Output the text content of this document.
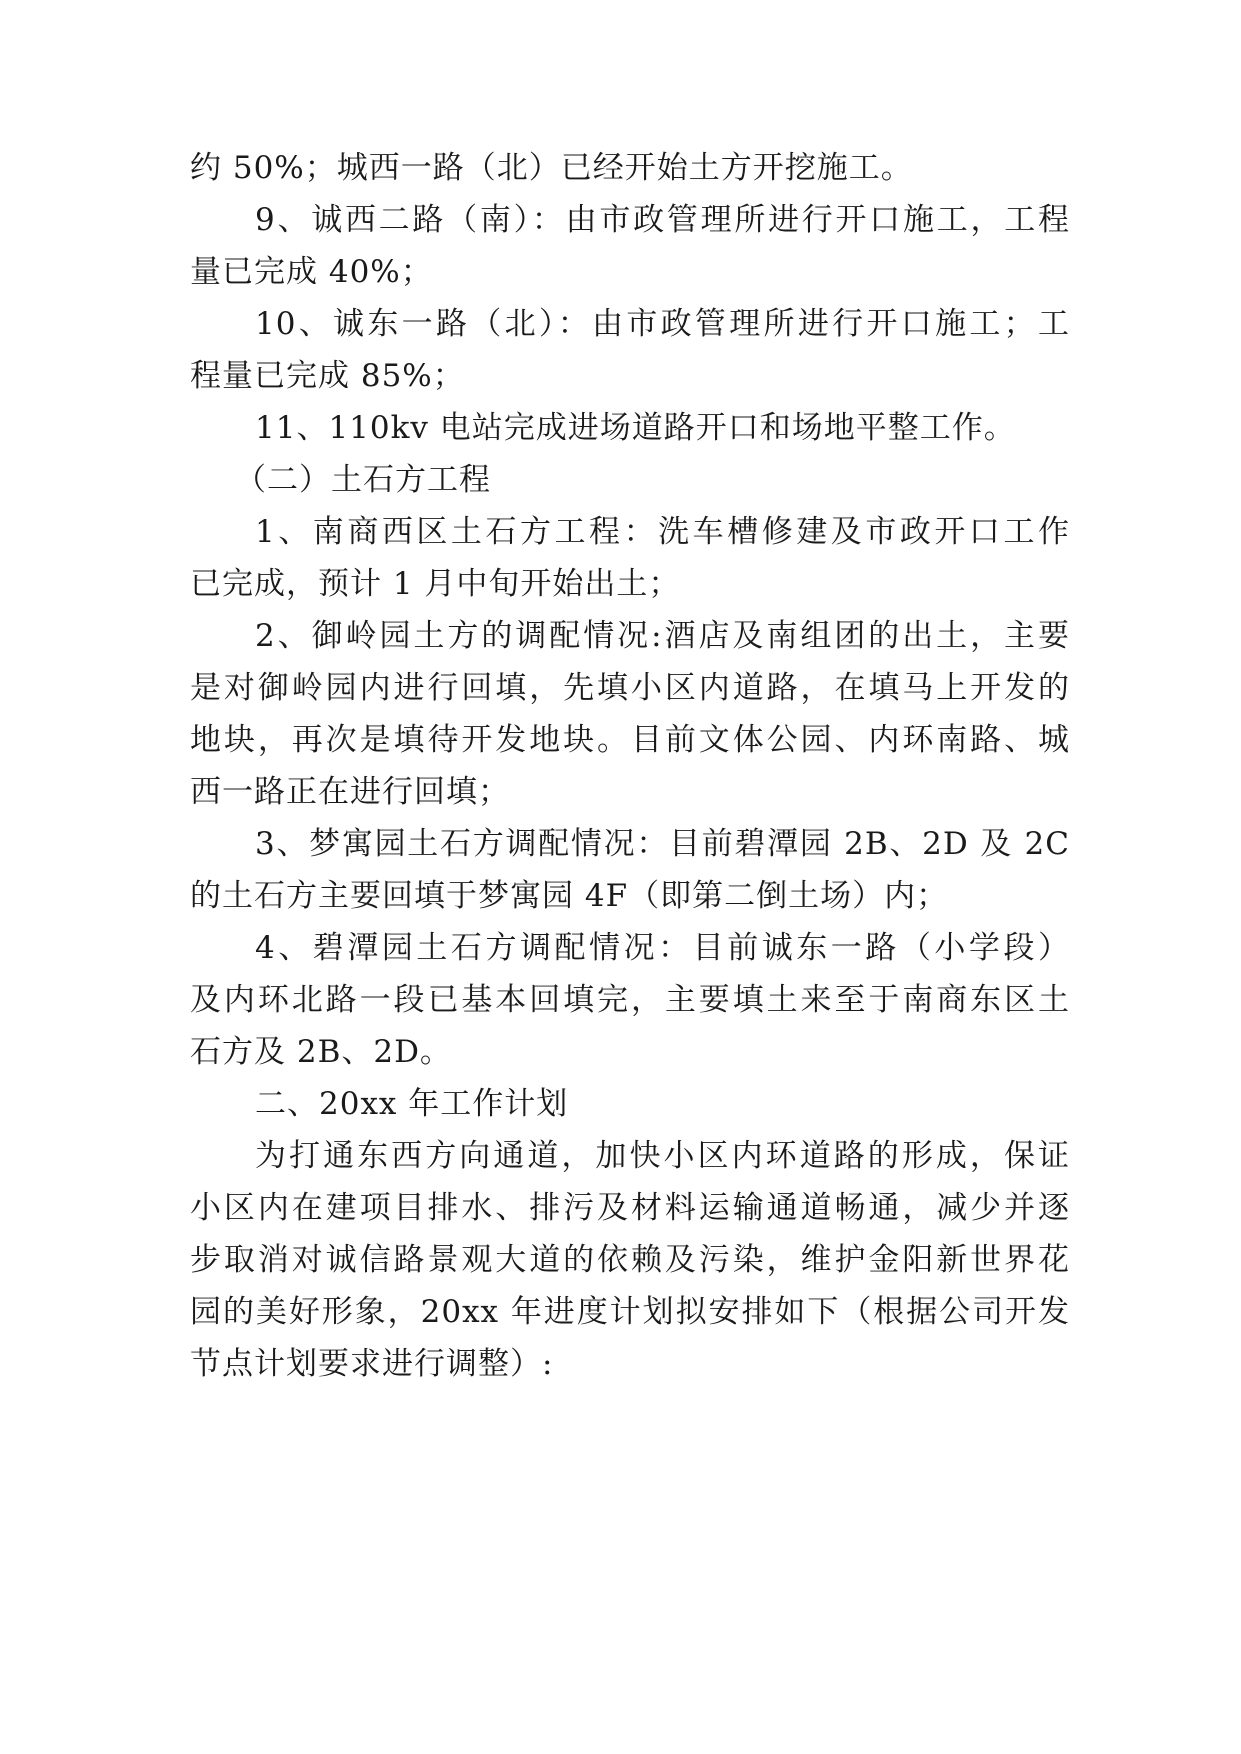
约 50%；城西一路（北）已经开始土方开挖施工。
9、诚西二路（南）：由市政管理所进行开口施工，工程
量已完成 40%；
10、诚东一路（北）：由市政管理所进行开口施工；工
程量已完成 85%；
11、110kv 电站完成进场道路开口和场地平整工作。
（二）土石方工程
1、南商西区土石方工程：洗车槽修建及市政开口工作
已完成，预计 1 月中旬开始出土；
2、御岭园土方的调配情况:酒店及南组团的出土，主要
是对御岭园内进行回填，先填小区内道路，在填马上开发的
地块，再次是填待开发地块。目前文体公园、内环南路、城
西一路正在进行回填；
3、梦寓园土石方调配情况：目前碧潭园 2B、2D 及 2C
的土石方主要回填于梦寓园 4F（即第二倒土场）内；
4、碧潭园土石方调配情况：目前诚东一路（小学段）
及内环北路一段已基本回填完，主要填土来至于南商东区土
石方及 2B、2D。
二、20xx 年工作计划
为打通东西方向通道，加快小区内环道路的形成，保证
小区内在建项目排水、排污及材料运输通道畅通，减少并逐
步取消对诚信路景观大道的依赖及污染，维护金阳新世界花
园的美好形象，20xx 年进度计划拟安排如下（根据公司开发
节点计划要求进行调整）:
